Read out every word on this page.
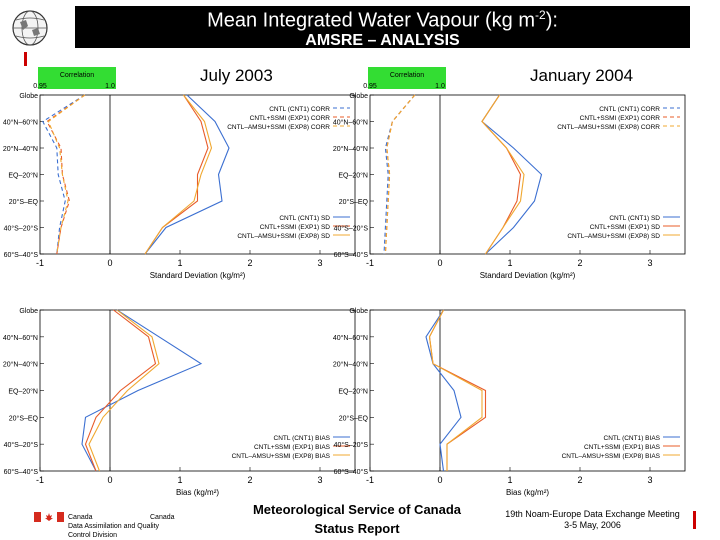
Mean Integrated Water Vapour (kg $m^{-2}$):
AMSRE – ANALYSIS
July 2003	January 2004
Globe
40°N–60°N
20°N–40°N
EQ–20°N
20°S–EQ
40°S–20°S
60°S–40°S
-1	0	1	2	3
Standard Deviation (kg/m²)
Correlation
0.95	1.0
CNTL (CNT1) CORR
CNTL+SSMI (EXP1) CORR
CNTL–AMSU+SSMI (EXP8) CORR
CNTL (CNT1) SD
CNTL+SSMI (EXP1) SD
CNTL–AMSU+SSMI (EXP8) SD
Globe
40°N–60°N
20°N–40°N
EQ–20°N
20°S–EQ
40°S–20°S
60°S–40°S
-1	0	1	2	3
Standard Deviation (kg/m²)
Correlation
0.95	1.0
CNTL (CNT1) CORR
CNTL+SSMI (EXP1) CORR
CNTL–AMSU+SSMI (EXP8) CORR
CNTL (CNT1) SD
CNTL+SSMI (EXP1) SD
CNTL–AMSU+SSMI (EXP8) SD
Globe
40°N–60°N
20°N–40°N
EQ–20°N
20°S–EQ
40°S–20°S
60°S–40°S
-1	0	1	2	3
Bias (kg/m²)
CNTL (CNT1) BIAS
CNTL+SSMI (EXP1) BIAS
CNTL–AMSU+SSMI (EXP8) BIAS
Globe
40°N–60°N
20°N–40°N
EQ–20°N
20°S–EQ
40°S–20°S
60°S–40°S
-1	0	1	2	3
Bias (kg/m²)
CNTL (CNT1) BIAS
CNTL+SSMI (EXP1) BIAS
CNTL–AMSU+SSMI (EXP8) BIAS
Canada	Canada
Data Assimilation and Quality
Control Division
Meteorological Service of Canada
Status Report
19th Noam-Europe Data Exchange Meeting
3-5 May, 2006
